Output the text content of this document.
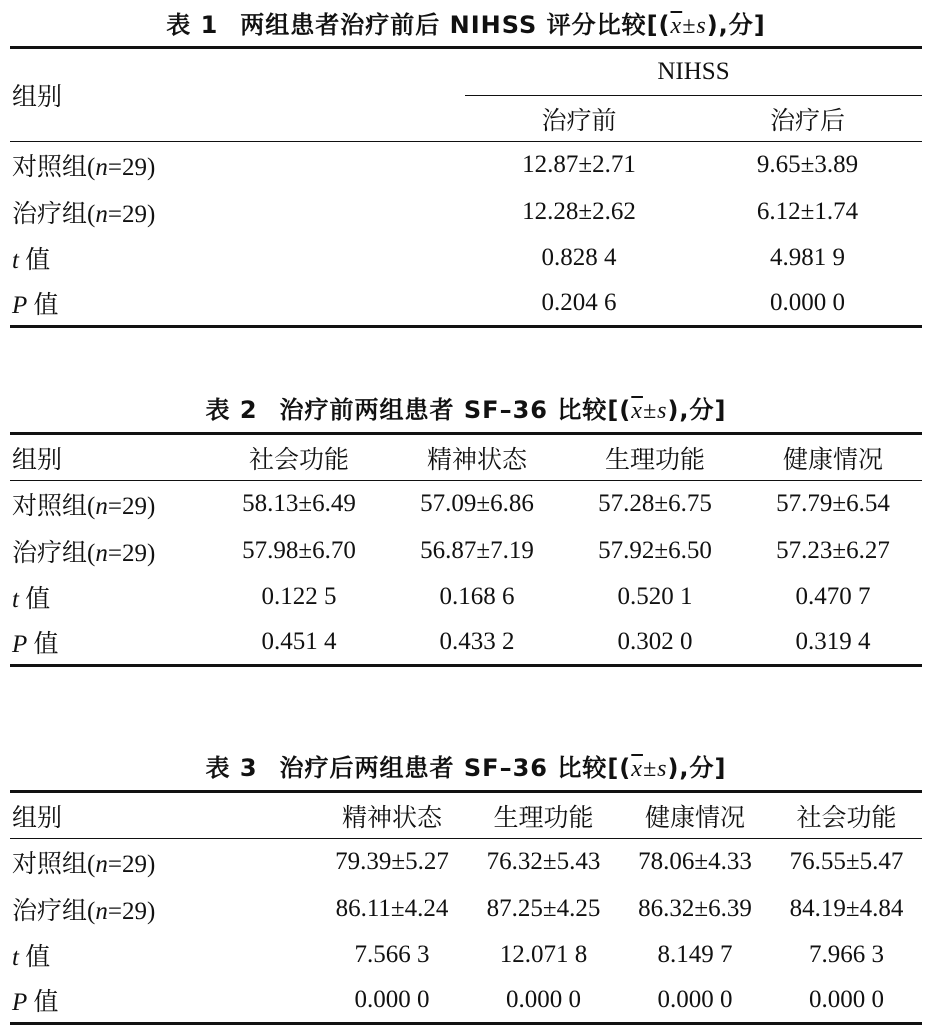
表 1 两组患者治疗前后 NIHSS 评分比较[$(\overline{x}\pm s)$,分]
组别	NIHSS	
	治疗前	治疗后
对照组(n=29)	12.87±2.71	9.65±3.89
治疗组(n=29)	12.28±2.62	6.12±1.74
t 值	0.828 4	4.981 9
P 值	0.204 6	0.000 0
表 2 治疗前两组患者 SF–36 比较[$(\overline{x}\pm s)$,分]
组别	社会功能	精神状态	生理功能	健康情况
对照组(n=29)	58.13±6.49	57.09±6.86	57.28±6.75	57.79±6.54
治疗组(n=29)	57.98±6.70	56.87±7.19	57.92±6.50	57.23±6.27
t 值	0.122 5	0.168 6	0.520 1	0.470 7
P 值	0.451 4	0.433 2	0.302 0	0.319 4
表 3 治疗后两组患者 SF–36 比较[$(\overline{x}\pm s)$,分]
组别	精神状态	生理功能	健康情况	社会功能
对照组(n=29)	79.39±5.27	76.32±5.43	78.06±4.33	76.55±5.47
治疗组(n=29)	86.11±4.24	87.25±4.25	86.32±6.39	84.19±4.84
t 值	7.566 3	12.071 8	8.149 7	7.966 3
P 值	0.000 0	0.000 0	0.000 0	0.000 0
